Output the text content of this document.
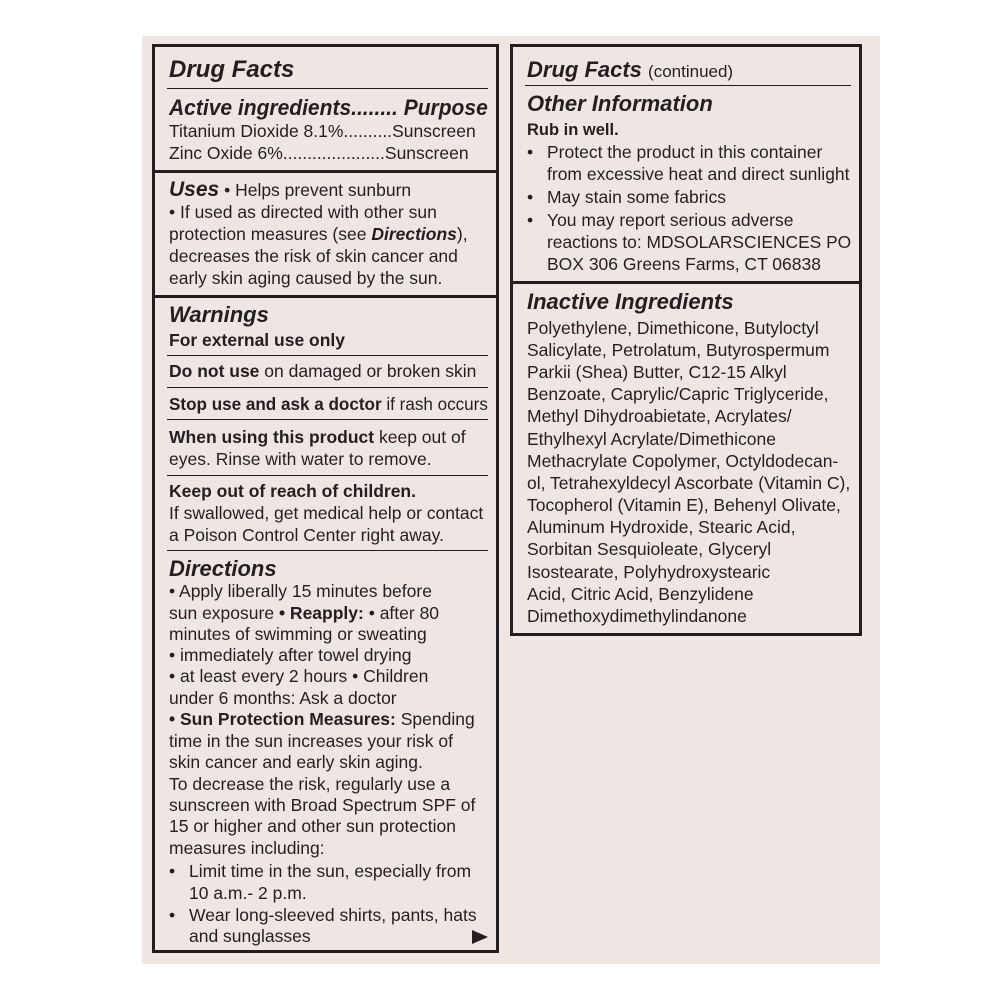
Drug Facts
Active ingredients........ Purpose
Titanium Dioxide 8.1%..........Sunscreen
Zinc Oxide 6%.....................Sunscreen
Uses • Helps prevent sunburn
• If used as directed with other sun
protection measures (see Directions),
decreases the risk of skin cancer and
early skin aging caused by the sun.
Warnings
For external use only
Do not use on damaged or broken skin
Stop use and ask a doctor if rash occurs
When using this product keep out of
eyes. Rinse with water to remove.
Keep out of reach of children.
If swallowed, get medical help or contact
a Poison Control Center right away.
Directions
• Apply liberally 15 minutes before
sun exposure • Reapply: • after 80
minutes of swimming or sweating
• immediately after towel drying
• at least every 2 hours • Children
under 6 months: Ask a doctor
• Sun Protection Measures: Spending
time in the sun increases your risk of
skin cancer and early skin aging.
To decrease the risk, regularly use a
sunscreen with Broad Spectrum SPF of
15 or higher and other sun protection
measures including:
• Limit time in the sun, especially from
10 a.m.- 2 p.m.
• Wear long-sleeved shirts, pants, hats
and sunglasses
Drug Facts (continued)
Other Information
Rub in well.
• Protect the product in this container
from excessive heat and direct sunlight
• May stain some fabrics
• You may report serious adverse
reactions to: MDSOLARSCIENCES PO
BOX 306 Greens Farms, CT 06838
Inactive Ingredients
Polyethylene, Dimethicone, Butyloctyl
Salicylate, Petrolatum, Butyrospermum
Parkii (Shea) Butter, C12-15 Alkyl
Benzoate, Caprylic/Capric Triglyceride,
Methyl Dihydroabietate, Acrylates/
Ethylhexyl Acrylate/Dimethicone
Methacrylate Copolymer, Octyldodecan-
ol, Tetrahexyldecyl Ascorbate (Vitamin C),
Tocopherol (Vitamin E), Behenyl Olivate,
Aluminum Hydroxide, Stearic Acid,
Sorbitan Sesquioleate, Glyceryl
Isostearate, Polyhydroxystearic
Acid, Citric Acid, Benzylidene
Dimethoxydimethylindanone
